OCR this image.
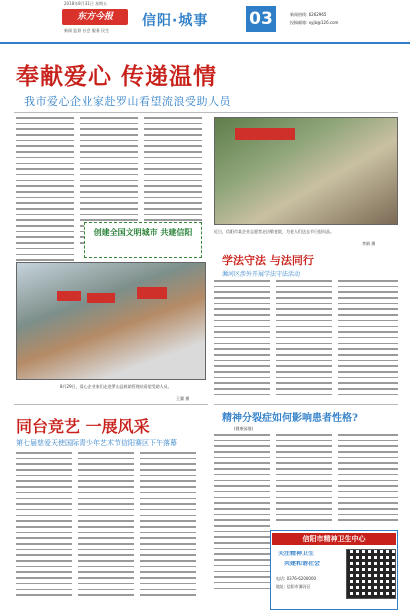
2018年8月31日 星期五
东方今报
新闻 监督 社会 服务 民生
信阳·城事 03	新闻热线: 6262965
投稿邮箱: xyjb@126.com
奉献爱心 传递温情
我市爱心企业家赴罗山看望流浪受助人员
创建全国文明城市 共建信阳
8月29日，爱心企业家们走进罗山县救助管理站看望受助人员。
王翼 摄
近日，信阳市某企业志愿者走访敬老院，为老人们送去节日慰问品。
李娟 摄
学法守法 与法同行
浉河区涉外开展学法守法活动
精神分裂症如何影响患者性格?
(健康园地)
信阳市精神卫生中心
关注精神卫生
共建和谐社会
电话: 0376-6200000
地址: 信阳市浉河区
同台竞艺 一展风采
第七届慈爱天使国际青少年艺术节信阳赛区下午落幕
